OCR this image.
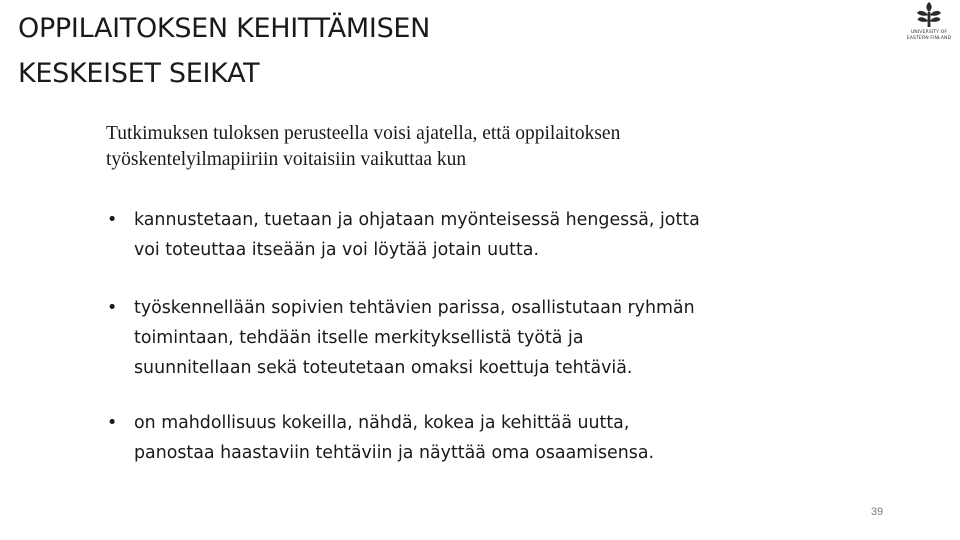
OPPILAITOKSEN KEHITTÄMISEN
KESKEISET SEIKAT
UNIVERSITY OF
EASTERN FINLAND
Tutkimuksen tuloksen perusteella voisi ajatella, että oppilaitoksen
työskentelyilmapiiriin voitaisiin vaikuttaa kun
• kannustetaan, tuetaan ja ohjataan myönteisessä hengessä, jotta
voi toteuttaa itseään ja voi löytää jotain uutta.
• työskennellään sopivien tehtävien parissa, osallistutaan ryhmän
toimintaan, tehdään itselle merkityksellistä työtä ja
suunnitellaan sekä toteutetaan omaksi koettuja tehtäviä.
• on mahdollisuus kokeilla, nähdä, kokea ja kehittää uutta,
panostaa haastaviin tehtäviin ja näyttää oma osaamisensa.
39
